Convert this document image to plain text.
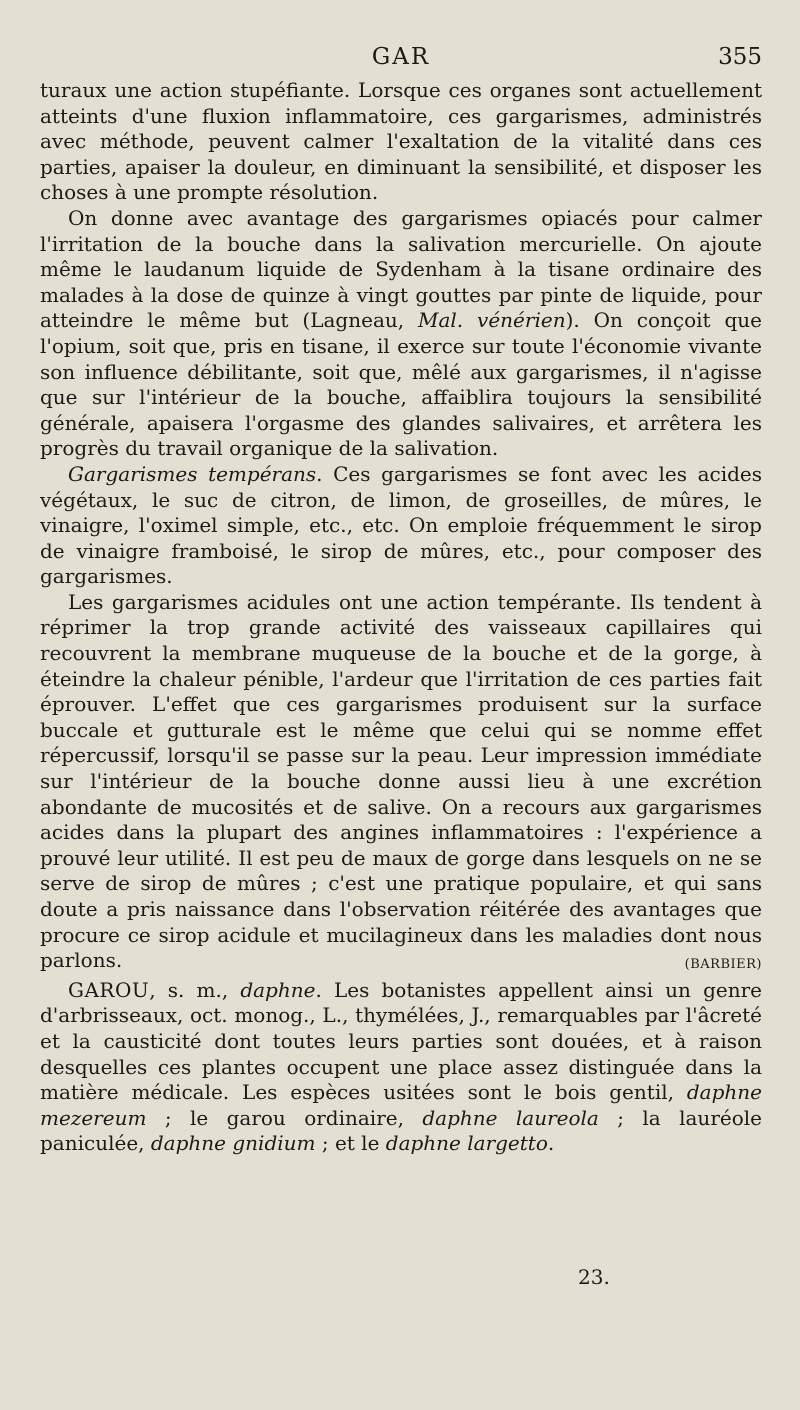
GAR	355

turaux une action stupéfiante. Lorsque ces organes sont actuellement atteints d'une fluxion inflammatoire, ces gargarismes, administrés avec méthode, peuvent calmer l'exaltation de la vitalité dans ces parties, apaiser la douleur, en diminuant la sensibilité, et disposer les choses à une prompte résolution.

On donne avec avantage des gargarismes opiacés pour calmer l'irritation de la bouche dans la salivation mercurielle. On ajoute même le laudanum liquide de Sydenham à la tisane ordinaire des malades à la dose de quinze à vingt gouttes par pinte de liquide, pour atteindre le même but (Lagneau, Mal. vénérien). On conçoit que l'opium, soit que, pris en tisane, il exerce sur toute l'économie vivante son influence débilitante, soit que, mêlé aux gargarismes, il n'agisse que sur l'intérieur de la bouche, affaiblira toujours la sensibilité générale, apaisera l'orgasme des glandes salivaires, et arrêtera les progrès du travail organique de la salivation.

Gargarismes tempérans. Ces gargarismes se font avec les acides végétaux, le suc de citron, de limon, de groseilles, de mûres, le vinaigre, l'oximel simple, etc., etc. On emploie fréquemment le sirop de vinaigre framboisé, le sirop de mûres, etc., pour composer des gargarismes.

Les gargarismes acidules ont une action tempérante. Ils tendent à réprimer la trop grande activité des vaisseaux capillaires qui recouvrent la membrane muqueuse de la bouche et de la gorge, à éteindre la chaleur pénible, l'ardeur que l'irritation de ces parties fait éprouver. L'effet que ces gargarismes produisent sur la surface buccale et gutturale est le même que celui qui se nomme effet répercussif, lorsqu'il se passe sur la peau. Leur impression immédiate sur l'intérieur de la bouche donne aussi lieu à une excrétion abondante de mucosités et de salive. On a recours aux gargarismes acides dans la plupart des angines inflammatoires : l'expérience a prouvé leur utilité. Il est peu de maux de gorge dans lesquels on ne se serve de sirop de mûres ; c'est une pratique populaire, et qui sans doute a pris naissance dans l'observation réitérée des avantages que procure ce sirop acidule et mucilagineux dans les maladies dont nous parlons.	(BARBIER)

GAROU, s. m., daphne. Les botanistes appellent ainsi un genre d'arbrisseaux, oct. monog., L., thymélées, J., remarquables par l'âcreté et la causticité dont toutes leurs parties sont douées, et à raison desquelles ces plantes occupent une place assez distinguée dans la matière médicale. Les espèces usitées sont le bois gentil, daphne mezereum ; le garou ordinaire, daphne laureola ; la lauréole paniculée, daphne gnidium ; et le daphne largetto.

23.
